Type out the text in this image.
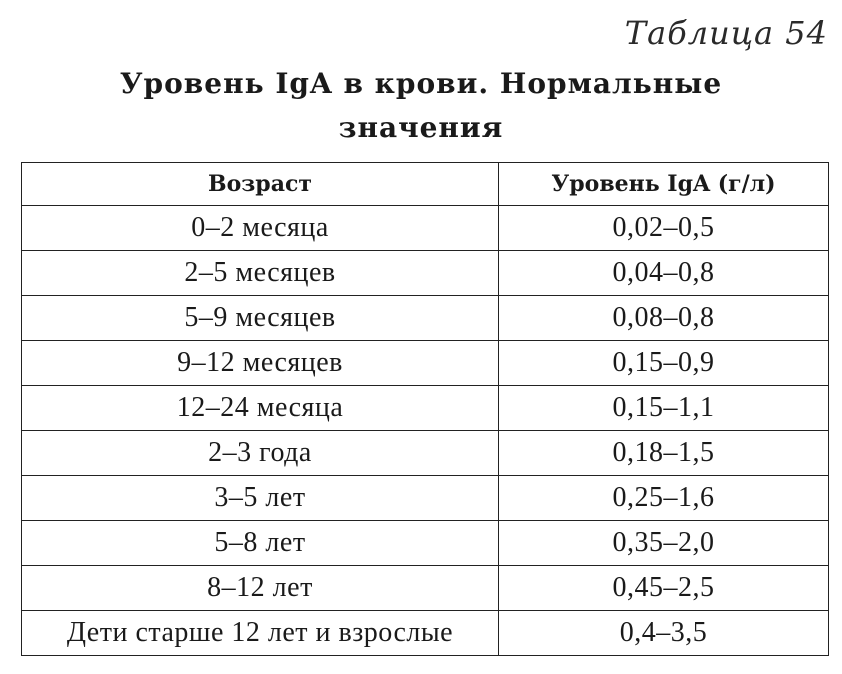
Таблица 54
Уровень IgA в крови. Нормальные
значения
Возраст	Уровень IgA (г/л)
0–2 месяца	0,02–0,5
2–5 месяцев	0,04–0,8
5–9 месяцев	0,08–0,8
9–12 месяцев	0,15–0,9
12–24 месяца	0,15–1,1
2–3 года	0,18–1,5
3–5 лет	0,25–1,6
5–8 лет	0,35–2,0
8–12 лет	0,45–2,5
Дети старше 12 лет и взрослые	0,4–3,5
